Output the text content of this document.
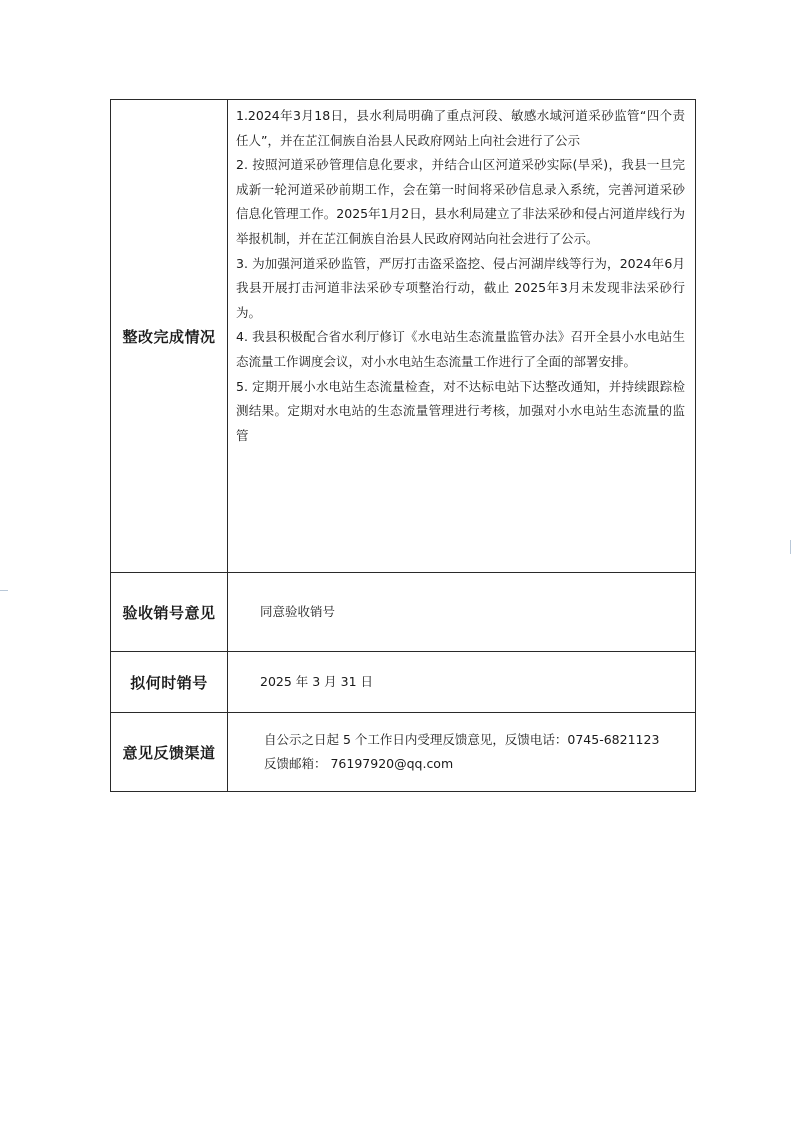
整改完成情况	1.2024年3月18日，县水利局明确了重点河段、敏感水域河道采砂监管“四个责任人”，并在芷江侗族自治县人民政府网站上向社会进行了公示

2. 按照河道采砂管理信息化要求，并结合山区河道采砂实际(旱采)，我县一旦完成新一轮河道采砂前期工作，会在第一时间将采砂信息录入系统，完善河道采砂信息化管理工作。2025年1月2日，县水利局建立了非法采砂和侵占河道岸线行为举报机制，并在芷江侗族自治县人民政府网站向社会进行了公示。

3. 为加强河道采砂监管，严厉打击盗采盗挖、侵占河湖岸线等行为，2024年6月我县开展打击河道非法采砂专项整治行动，截止 2025年3月未发现非法采砂行为。

4. 我县积极配合省水利厅修订《水电站生态流量监管办法》召开全县小水电站生态流量工作调度会议，对小水电站生态流量工作进行了全面的部署安排。

5. 定期开展小水电站生态流量检查，对不达标电站下达整改通知，并持续跟踪检测结果。定期对水电站的生态流量管理进行考核，加强对小水电站生态流量的监管

验收销号意见	同意验收销号

拟何时销号	2025 年 3 月 31 日

意见反馈渠道	自公示之日起 5 个工作日内受理反馈意见，反馈电话：0745-6821123
反馈邮箱： 76197920@qq.com
